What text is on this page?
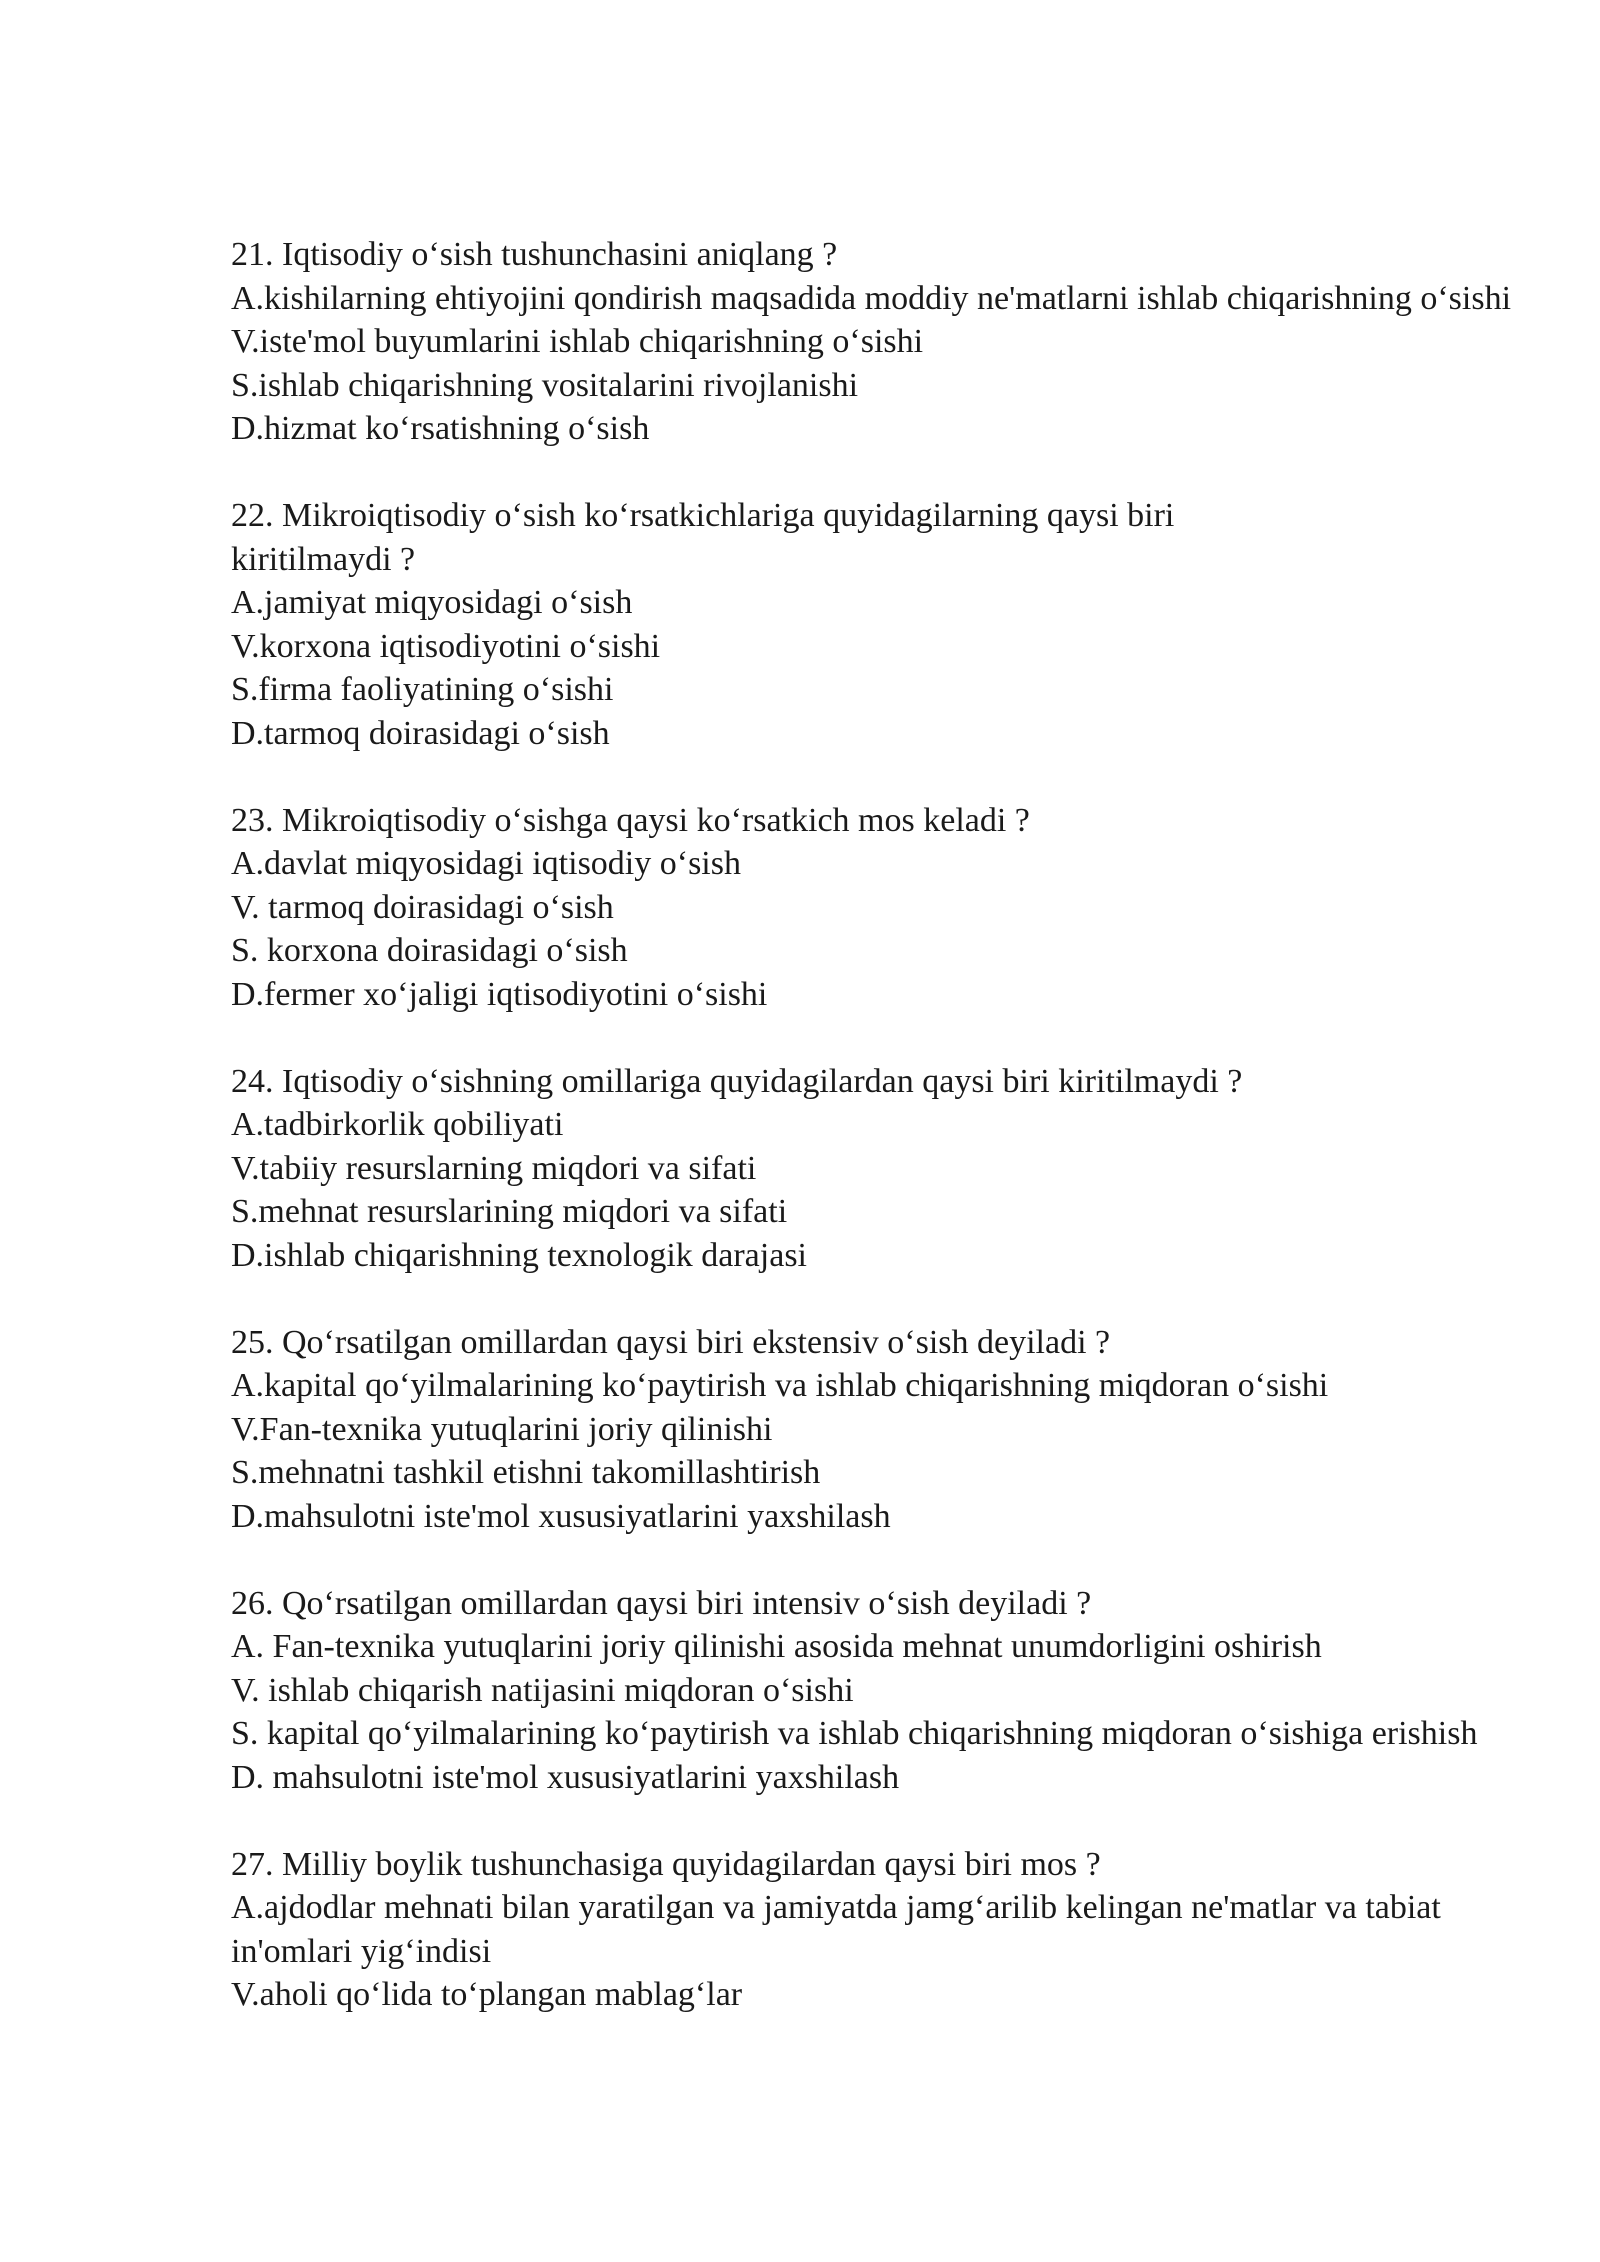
21. Iqtisodiy o‘sish tushunchasini aniqlang ?
A.kishilarning ehtiyojini qondirish maqsadida moddiy ne'matlarni ishlab chiqarishning o‘sishi
V.iste'mol buyumlarini ishlab chiqarishning o‘sishi
S.ishlab chiqarishning vositalarini rivojlanishi
D.hizmat ko‘rsatishning o‘sish
22. Mikroiqtisodiy o‘sish ko‘rsatkichlariga quyidagilarning qaysi biri kiritilmaydi ?
A.jamiyat miqyosidagi o‘sish
V.korxona iqtisodiyotini o‘sishi
S.firma faoliyatining o‘sishi
D.tarmoq doirasidagi o‘sish
23. Mikroiqtisodiy o‘sishga qaysi ko‘rsatkich mos keladi ?
A.davlat miqyosidagi iqtisodiy o‘sish
V. tarmoq doirasidagi o‘sish
S. korxona doirasidagi o‘sish
D.fermer xo‘jaligi iqtisodiyotini o‘sishi
24. Iqtisodiy o‘sishning omillariga quyidagilardan qaysi biri kiritilmaydi ?
A.tadbirkorlik qobiliyati
V.tabiiy resurslarning miqdori va sifati
S.mehnat resurslarining miqdori va sifati
D.ishlab chiqarishning texnologik darajasi
25. Qo‘rsatilgan omillardan qaysi biri ekstensiv o‘sish deyiladi ?
A.kapital qo‘yilmalarining ko‘paytirish va ishlab chiqarishning miqdoran o‘sishi
V.Fan-texnika yutuqlarini joriy qilinishi
S.mehnatni tashkil etishni takomillashtirish
D.mahsulotni iste'mol xususiyatlarini yaxshilash
26. Qo‘rsatilgan omillardan qaysi biri intensiv o‘sish deyiladi ?
A. Fan-texnika yutuqlarini joriy qilinishi asosida mehnat unumdorligini oshirish
V. ishlab chiqarish natijasini miqdoran o‘sishi
S. kapital qo‘yilmalarining ko‘paytirish va ishlab chiqarishning miqdoran o‘sishiga erishish
D. mahsulotni iste'mol xususiyatlarini yaxshilash
27. Milliy boylik tushunchasiga quyidagilardan qaysi biri mos ?
A.ajdodlar mehnati bilan yaratilgan va jamiyatda jamg‘arilib kelingan ne'matlar va tabiat in'omlari yig‘indisi
V.aholi qo‘lida to‘plangan mablag‘lar
